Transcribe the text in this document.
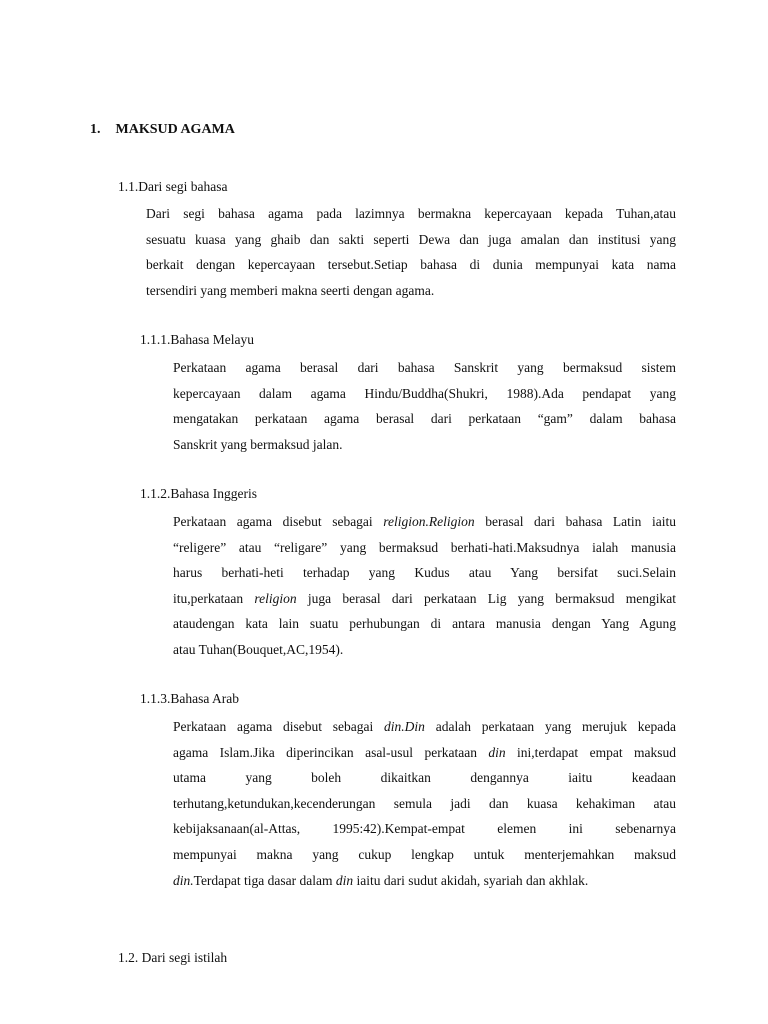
1. MAKSUD AGAMA
1.1.Dari segi bahasa
Dari segi bahasa agama pada lazimnya bermakna kepercayaan kepada Tuhan,atau
sesuatu kuasa yang ghaib dan sakti seperti Dewa dan juga amalan dan institusi yang
berkait dengan kepercayaan tersebut.Setiap bahasa di dunia mempunyai kata nama
tersendiri yang memberi makna seerti dengan agama.
1.1.1.Bahasa Melayu
Perkataan agama berasal dari bahasa Sanskrit yang bermaksud sistem
kepercayaan dalam agama Hindu/Buddha(Shukri, 1988).Ada pendapat yang
mengatakan perkataan agama berasal dari perkataan “gam” dalam bahasa
Sanskrit yang bermaksud jalan.
1.1.2.Bahasa Inggeris
Perkataan agama disebut sebagai religion.Religion berasal dari bahasa Latin iaitu
“religere” atau “religare” yang bermaksud berhati-hati.Maksudnya ialah manusia
harus berhati-heti terhadap yang Kudus atau Yang bersifat suci.Selain
itu,perkataan religion juga berasal dari perkataan Lig yang bermaksud mengikat
ataudengan kata lain suatu perhubungan di antara manusia dengan Yang Agung
atau Tuhan(Bouquet,AC,1954).
1.1.3.Bahasa Arab
Perkataan agama disebut sebagai din.Din adalah perkataan yang merujuk kepada
agama Islam.Jika diperincikan asal-usul perkataan din ini,terdapat empat maksud
utama yang boleh dikaitkan dengannya iaitu keadaan
terhutang,ketundukan,kecenderungan semula jadi dan kuasa kehakiman atau
kebijaksanaan(al-Attas, 1995:42).Kempat-empat elemen ini sebenarnya
mempunyai makna yang cukup lengkap untuk menterjemahkan maksud
din.Terdapat tiga dasar dalam din iaitu dari sudut akidah, syariah dan akhlak.
1.2. Dari segi istilah
